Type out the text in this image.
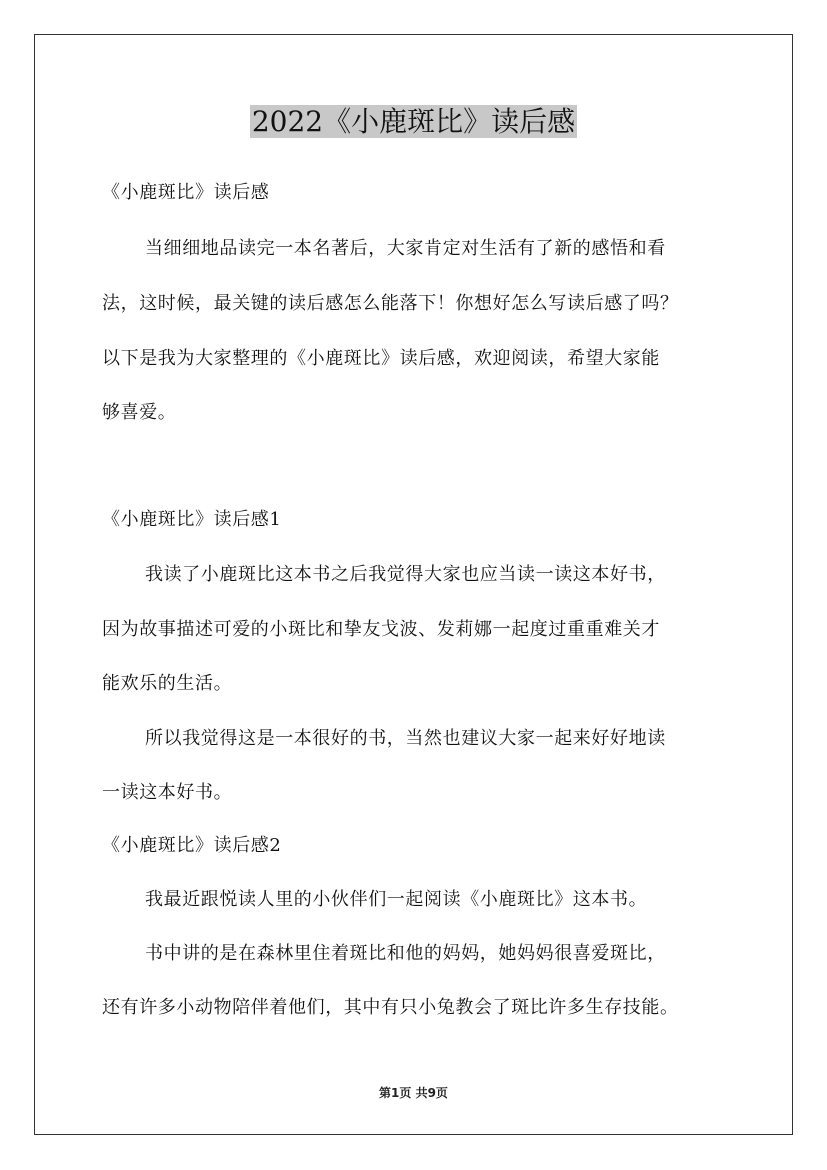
2022《小鹿斑比》读后感
《小鹿斑比》读后感
当细细地品读完一本名著后，大家肯定对生活有了新的感悟和看
法，这时候，最关键的读后感怎么能落下！你想好怎么写读后感了吗？
以下是我为大家整理的《小鹿斑比》读后感，欢迎阅读，希望大家能
够喜爱。
《小鹿斑比》读后感1
我读了小鹿斑比这本书之后我觉得大家也应当读一读这本好书，
因为故事描述可爱的小斑比和挚友戈波、发莉娜一起度过重重难关才
能欢乐的生活。
所以我觉得这是一本很好的书，当然也建议大家一起来好好地读
一读这本好书。
《小鹿斑比》读后感2
我最近跟悦读人里的小伙伴们一起阅读《小鹿斑比》这本书。
书中讲的是在森林里住着斑比和他的妈妈，她妈妈很喜爱斑比，
还有许多小动物陪伴着他们，其中有只小兔教会了斑比许多生存技能。
第1页 共9页
